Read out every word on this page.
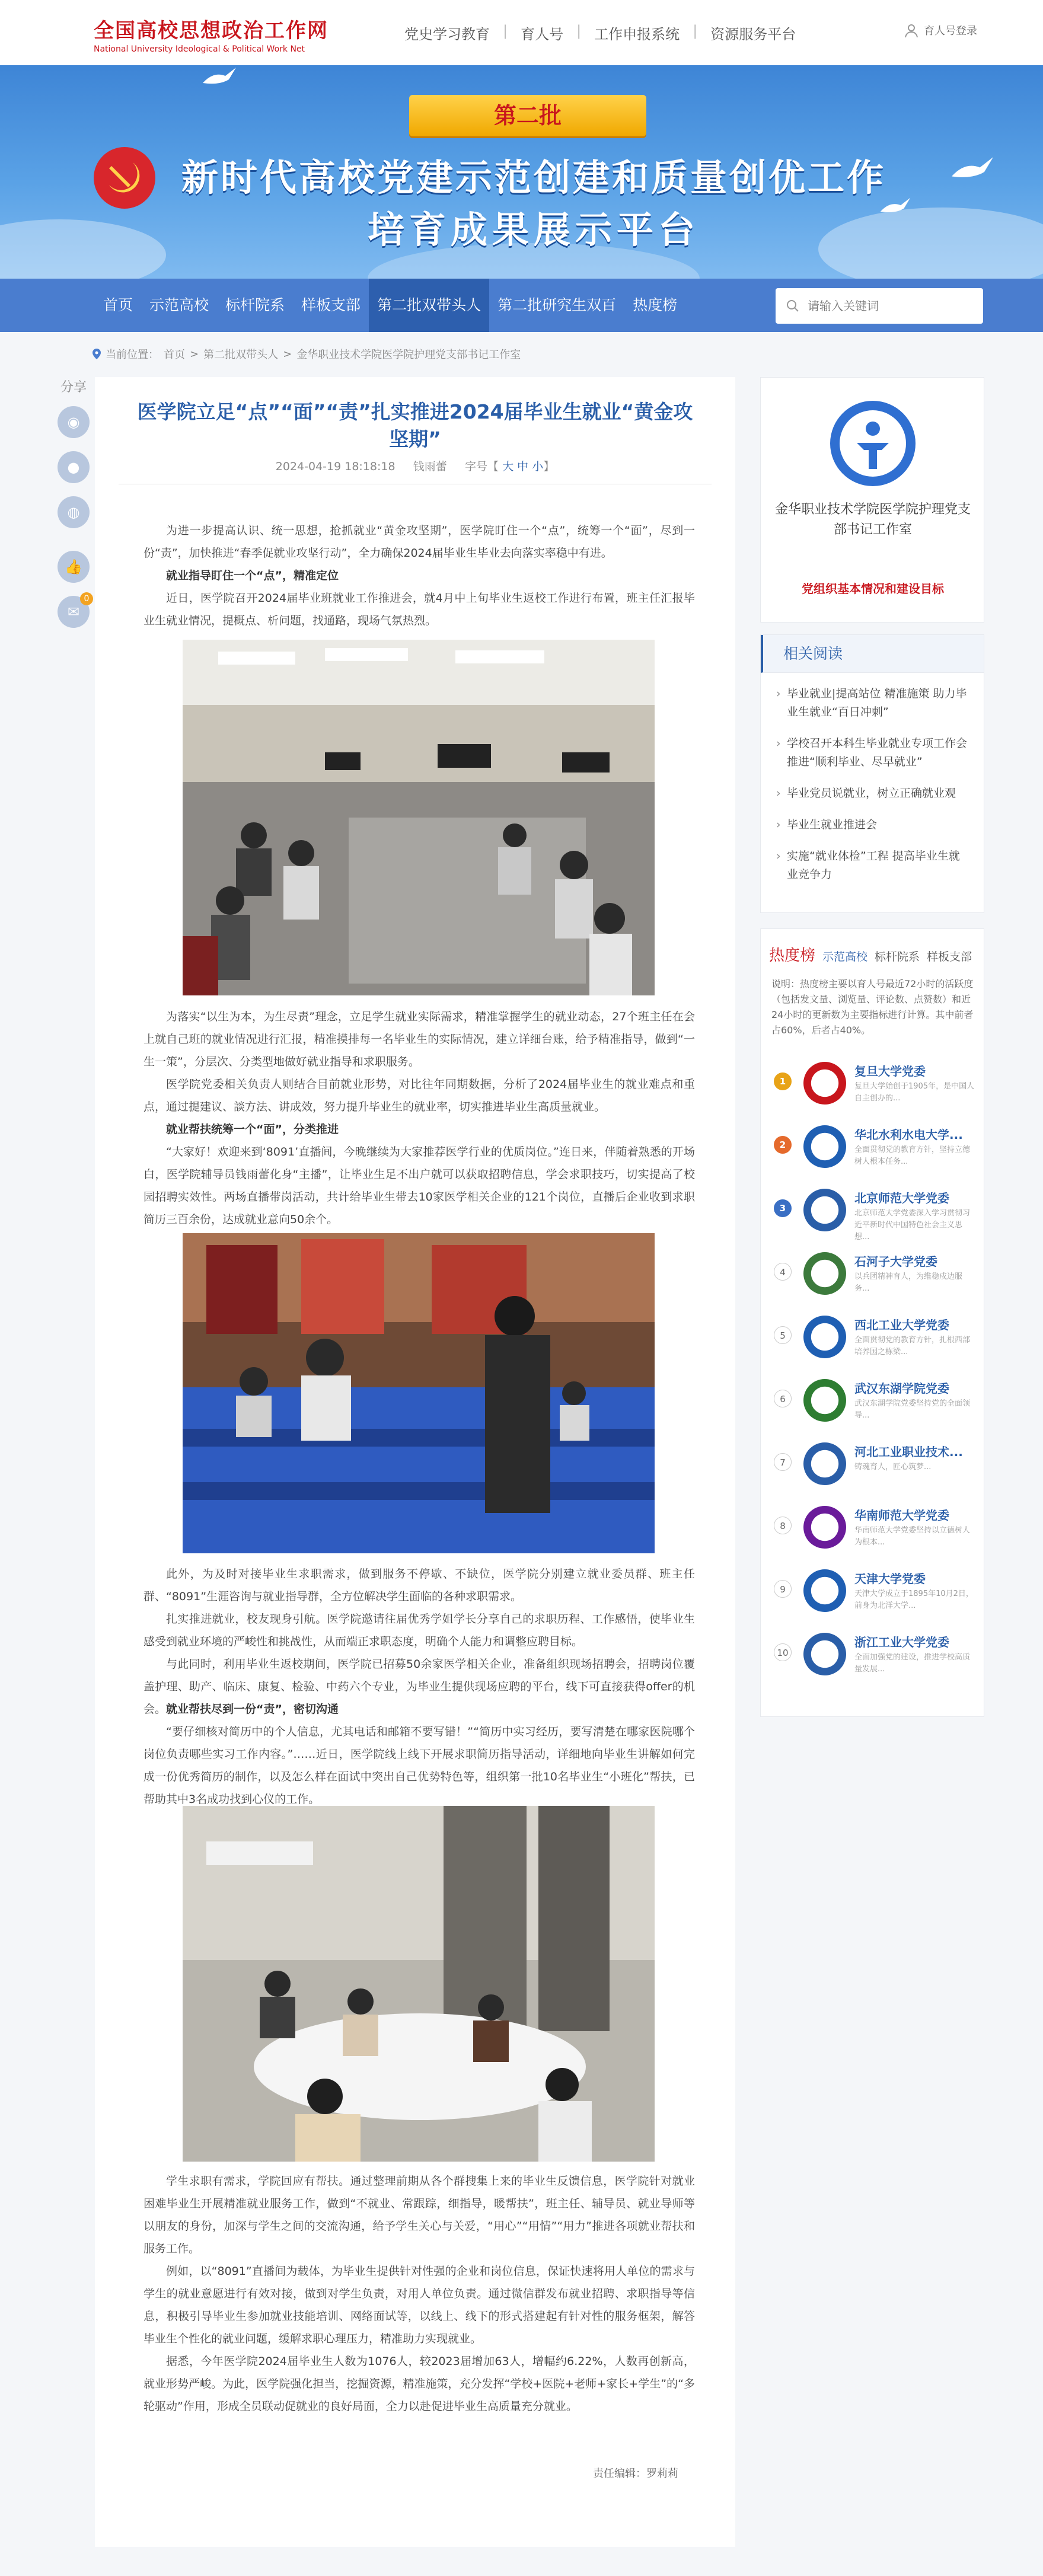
全国高校思想政治工作网
National University Ideological & Political Work Net
党史学习教育 | 育人号 | 工作申报系统 | 资源服务平台	育人号登录
第二批
新时代高校党建示范创建和质量创优工作
培育成果展示平台
首页	示范高校	标杆院系	样板支部	第二批双带头人	第二批研究生双百	热度榜
请输入关键词
当前位置： 首页 > 第二批双带头人 > 金华职业技术学院医学院护理党支部书记工作室
分享
◉
●
◍
👍
✉
0
医学院立足“点”“面”“责”扎实推进2024届毕业生就业“黄金攻坚期”
2024-04-19 18:18:18 钱雨蕾 字号【 大 中 小】

为进一步提高认识、统一思想，抢抓就业“黄金攻坚期”，医学院盯住一个“点”，统筹一个“面”，尽到一份“责”，加快推进“春季促就业攻坚行动”，全力确保2024届毕业生毕业去向落实率稳中有进。

就业指导盯住一个“点”，精准定位

近日，医学院召开2024届毕业班就业工作推进会，就4月中上旬毕业生返校工作进行布置，班主任汇报毕业生就业情况，提概点、析问题，找通路，现场气氛热烈。

为落实“以生为本，为生尽责”理念，立足学生就业实际需求，精准掌握学生的就业动态，27个班主任在会上就自己班的就业情况进行汇报，精准摸排每一名毕业生的实际情况，建立详细台账，给予精准指导，做到“一生一策”，分层次、分类型地做好就业指导和求职服务。

医学院党委相关负责人则结合目前就业形势，对比往年同期数据，分析了2024届毕业生的就业难点和重点，通过提建议、談方法、讲成效，努力提升毕业生的就业率，切实推进毕业生高质量就业。

就业帮扶统筹一个“面”，分类推进

“大家好！欢迎来到‘8091’直播间，今晚继续为大家推荐医学行业的优质岗位。”连日来，伴随着熟悉的开场白，医学院辅导员钱雨蕾化身“主播”，让毕业生足不出户就可以获取招聘信息，学会求职技巧，切实提高了校园招聘实效性。两场直播带岗活动，共计给毕业生带去10家医学相关企业的121个岗位，直播后企业收到求职简历三百余份，达成就业意向50余个。

此外，为及时对接毕业生求职需求，做到服务不停歇、不缺位，医学院分别建立就业委员群、班主任群、“8091”生涯咨询与就业指导群，全方位解决学生面临的各种求职需求。

扎实推进就业，校友现身引航。医学院邀请往届优秀学姐学长分享自己的求职历程、工作感悟，使毕业生感受到就业环境的严峻性和挑战性，从而端正求职态度，明确个人能力和调整应聘目标。

与此同时，利用毕业生返校期间，医学院已招募50余家医学相关企业，准备组织现场招聘会，招聘岗位覆盖护理、助产、临床、康复、检验、中药六个专业，为毕业生提供现场应聘的平台，线下可直接获得offer的机会。 就业帮扶尽到一份“责”，密切沟通

“要仔细核对简历中的个人信息，尤其电话和邮箱不要写错！”“简历中实习经历，要写清楚在哪家医院哪个岗位负责哪些实习工作内容。”……近日，医学院线上线下开展求职简历指导活动，详细地向毕业生讲解如何完成一份优秀简历的制作，以及怎么样在面试中突出自己优势特色等，组织第一批10名毕业生“小班化”帮扶，已帮助其中3名成功找到心仪的工作。

学生求职有需求，学院回应有帮扶。通过整理前期从各个群搜集上来的毕业生反馈信息，医学院针对就业困难毕业生开展精准就业服务工作，做到“不就业、常跟踪，细指导，暖帮扶”，班主任、辅导员、就业导师等以朋友的身份，加深与学生之间的交流沟通，给予学生关心与关爱，“用心”“用情”“用力”推进各项就业帮扶和服务工作。

例如，以“8091”直播间为载体，为毕业生提供针对性强的企业和岗位信息，保证快速将用人单位的需求与学生的就业意愿进行有效对接，做到对学生负责，对用人单位负责。通过微信群发布就业招聘、求职指导等信息，积极引导毕业生参加就业技能培训、网络面试等，以线上、线下的形式搭建起有针对性的服务框架，解答毕业生个性化的就业问题，缓解求职心理压力，精准助力实现就业。

据悉，今年医学院2024届毕业生人数为1076人，较2023届增加63人，增幅约6.22%，人数再创新高，就业形势严峻。为此，医学院强化担当，挖掘资源，精准施策，充分发挥“学校+医院+老师+家长+学生”的“多轮驱动”作用，形成全员联动促就业的良好局面，全力以赴促进毕业生高质量充分就业。

责任编辑：罗莉莉
金华职业技术学院医学院护理党支部书记工作室
党组织基本情况和建设目标
相关阅读
› 毕业就业|提高站位 精准施策 助力毕业生就业“百日冲刺”
› 学校召开本科生毕业就业专项工作会 推进“顺利毕业、尽早就业”
› 毕业党员说就业，树立正确就业观
› 毕业生就业推进会
› 实施“就业体检”工程 提高毕业生就业竞争力
热度榜 示范高校 标杆院系 样板支部
说明：热度榜主要以育人号最近72小时的活跃度（包括发文量、浏览量、评论数、点赞数）和近24小时的更新数为主要指标进行计算。其中前者占60%，后者占40%。
1
复旦大学党委
复旦大学始创于1905年，是中国人自主创办的...
2
华北水利水电大学...
全面贯彻党的教育方针，坚持立德树人根本任务...
3
北京师范大学党委
北京师范大学党委深入学习贯彻习近平新时代中国特色社会主义思想...
4
石河子大学党委
以兵团精神育人，为维稳戍边服务...
5
西北工业大学党委
全面贯彻党的教育方针，扎根西部培养国之栋梁...
6
武汉东湖学院党委
武汉东湖学院党委坚持党的全面领导...
7
河北工业职业技术...
铸魂育人，匠心筑梦...
8
华南师范大学党委
华南师范大学党委坚持以立德树人为根本...
9
天津大学党委
天津大学成立于1895年10月2日，前身为北洋大学...
10
浙江工业大学党委
全面加强党的建设，推进学校高质量发展...
